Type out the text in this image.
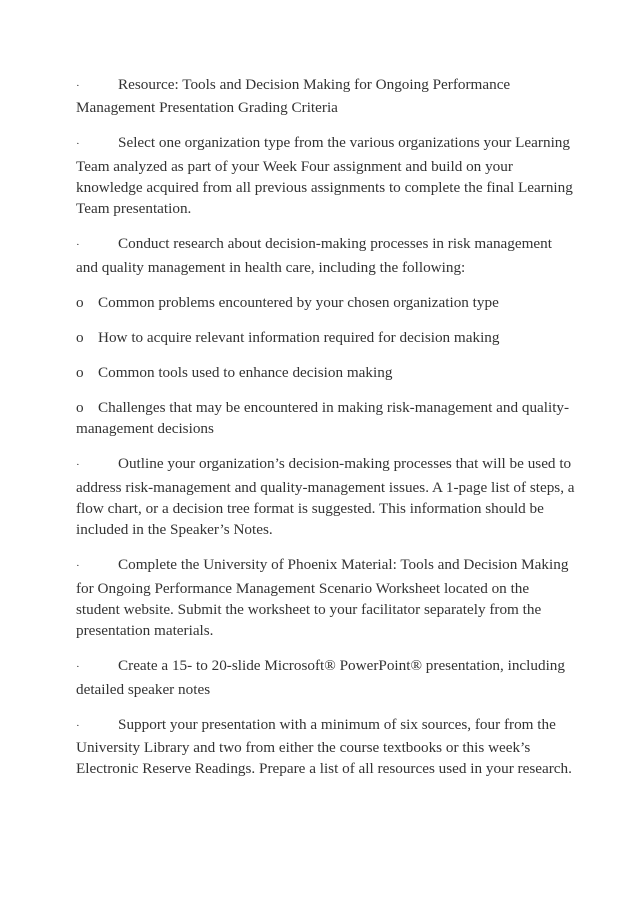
·	Resource: Tools and Decision Making for Ongoing Performance Management Presentation Grading Criteria

·	Select one organization type from the various organizations your Learning Team analyzed as part of your Week Four assignment and build on your knowledge acquired from all previous assignments to complete the final Learning Team presentation.

·	Conduct research about decision-making processes in risk management and quality management in health care, including the following:

o Common problems encountered by your chosen organization type

o How to acquire relevant information required for decision making

o Common tools used to enhance decision making

o Challenges that may be encountered in making risk-management and quality-management decisions

·	Outline your organization’s decision-making processes that will be used to address risk-management and quality-management issues. A 1-page list of steps, a flow chart, or a decision tree format is suggested. This information should be included in the Speaker’s Notes.

·	Complete the University of Phoenix Material: Tools and Decision Making for Ongoing Performance Management Scenario Worksheet located on the student website. Submit the worksheet to your facilitator separately from the presentation materials.

·	Create a 15- to 20-slide Microsoft® PowerPoint® presentation, including detailed speaker notes

·	Support your presentation with a minimum of six sources, four from the University Library and two from either the course textbooks or this week’s Electronic Reserve Readings. Prepare a list of all resources used in your research.
